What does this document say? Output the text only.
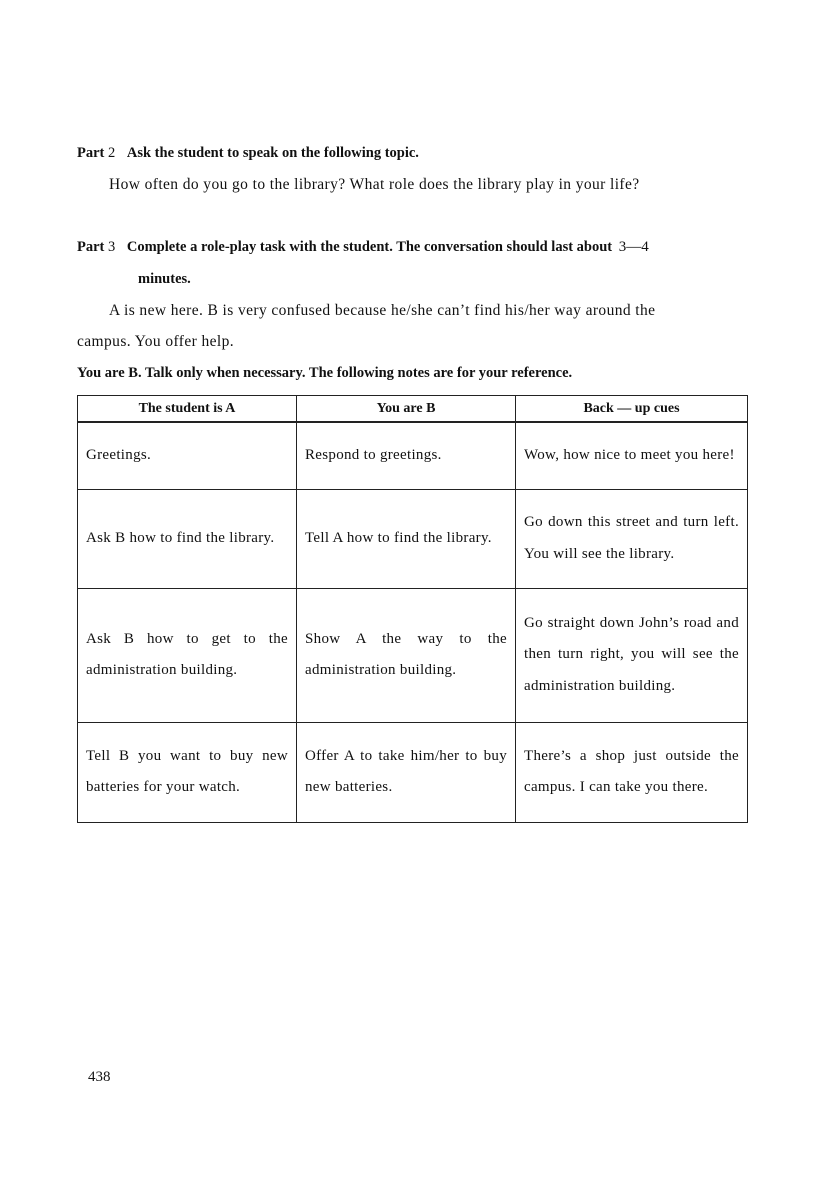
Part 2 Ask the student to speak on the following topic.
How often do you go to the library? What role does the library play in your life?
Part 3 Complete a role-play task with the student. The conversation should last about 3—4
minutes.
A is new here. B is very confused because he/she can’t find his/her way around the
campus. You offer help.
You are B. Talk only when necessary. The following notes are for your reference.
The student is A	You are B	Back — up cues
Greetings.	Respond to greetings.	Wow, how nice to meet you here!
Ask B how to find the library.	Tell A how to find the library.	Go down this street and turn left. You will see the library.
Ask B how to get to the administration building.	Show A the way to the administration building.	Go straight down John’s road and then turn right, you will see the administration building.
Tell B you want to buy new batteries for your watch.	Offer A to take him/her to buy new batteries.	There’s a shop just outside the campus. I can take you there.
438
